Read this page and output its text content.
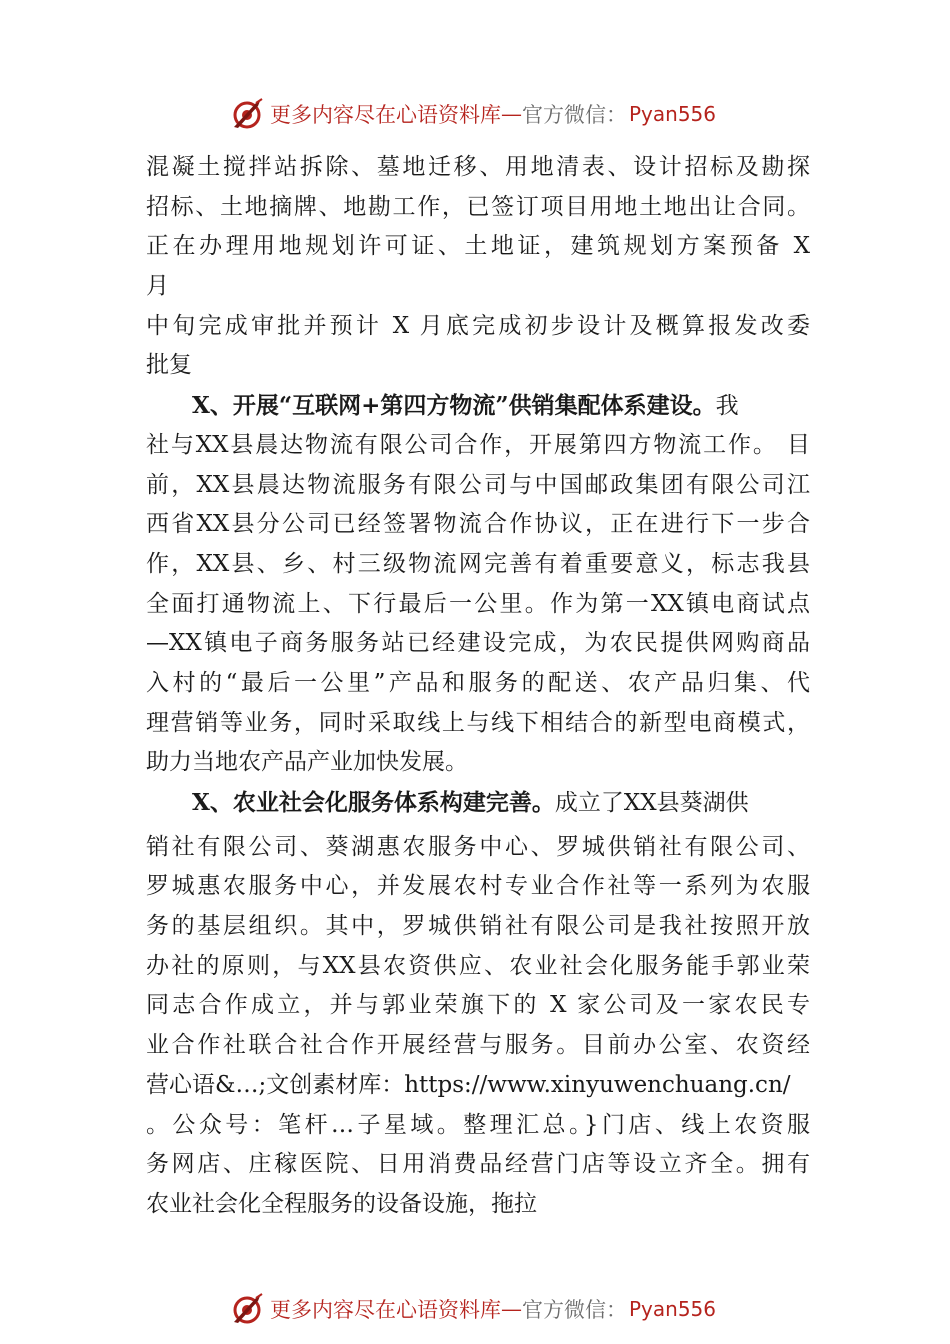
更多内容尽在心语资料库 — 官方微信： Pyan556
混凝土搅拌站拆除、墓地迁移、用地清表、设计招标及勘探
招标、土地摘牌、地勘工作，已签订项目用地土地出让合同。
正在办理用地规划许可证、土地证，建筑规划方案预备 X
月
中旬完成审批并预计 X 月底完成初步设计及概算报发改委
批复
X、开展“互联网+第四方物流”供销集配体系建设。我
社与XX县晨达物流有限公司合作，开展第四方物流工作。 目
前，XX县晨达物流服务有限公司与中国邮政集团有限公司江
西省XX县分公司已经签署物流合作协议，正在进行下一步合
作，XX县、乡、村三级物流网完善有着重要意义，标志我县
全面打通物流上、下行最后一公里。作为第一XX镇电商试点
—XX镇电子商务服务站已经建设完成，为农民提供网购商品
入村的“最后一公里”产品和服务的配送、农产品归集、代
理营销等业务，同时采取线上与线下相结合的新型电商模式，
助力当地农产品产业加快发展。
X、农业社会化服务体系构建完善。成立了XX县葵湖供
销社有限公司、葵湖惠农服务中心、罗城供销社有限公司、
罗城惠农服务中心，并发展农村专业合作社等一系列为农服
务的基层组织。其中，罗城供销社有限公司是我社按照开放
办社的原则，与XX县农资供应、农业社会化服务能手郭业荣
同志合作成立，并与郭业荣旗下的 X 家公司及一家农民专
业合作社联合社合作开展经营与服务。目前办公室、农资经
营心语&…;文创素材库：https://www.xinyuwenchuang.cn/
。公众号：笔杆…子星域。整理汇总。}门店、线上农资服
务网店、庄稼医院、日用消费品经营门店等设立齐全。拥有
农业社会化全程服务的设备设施，拖拉
更多内容尽在心语资料库 — 官方微信： Pyan556
